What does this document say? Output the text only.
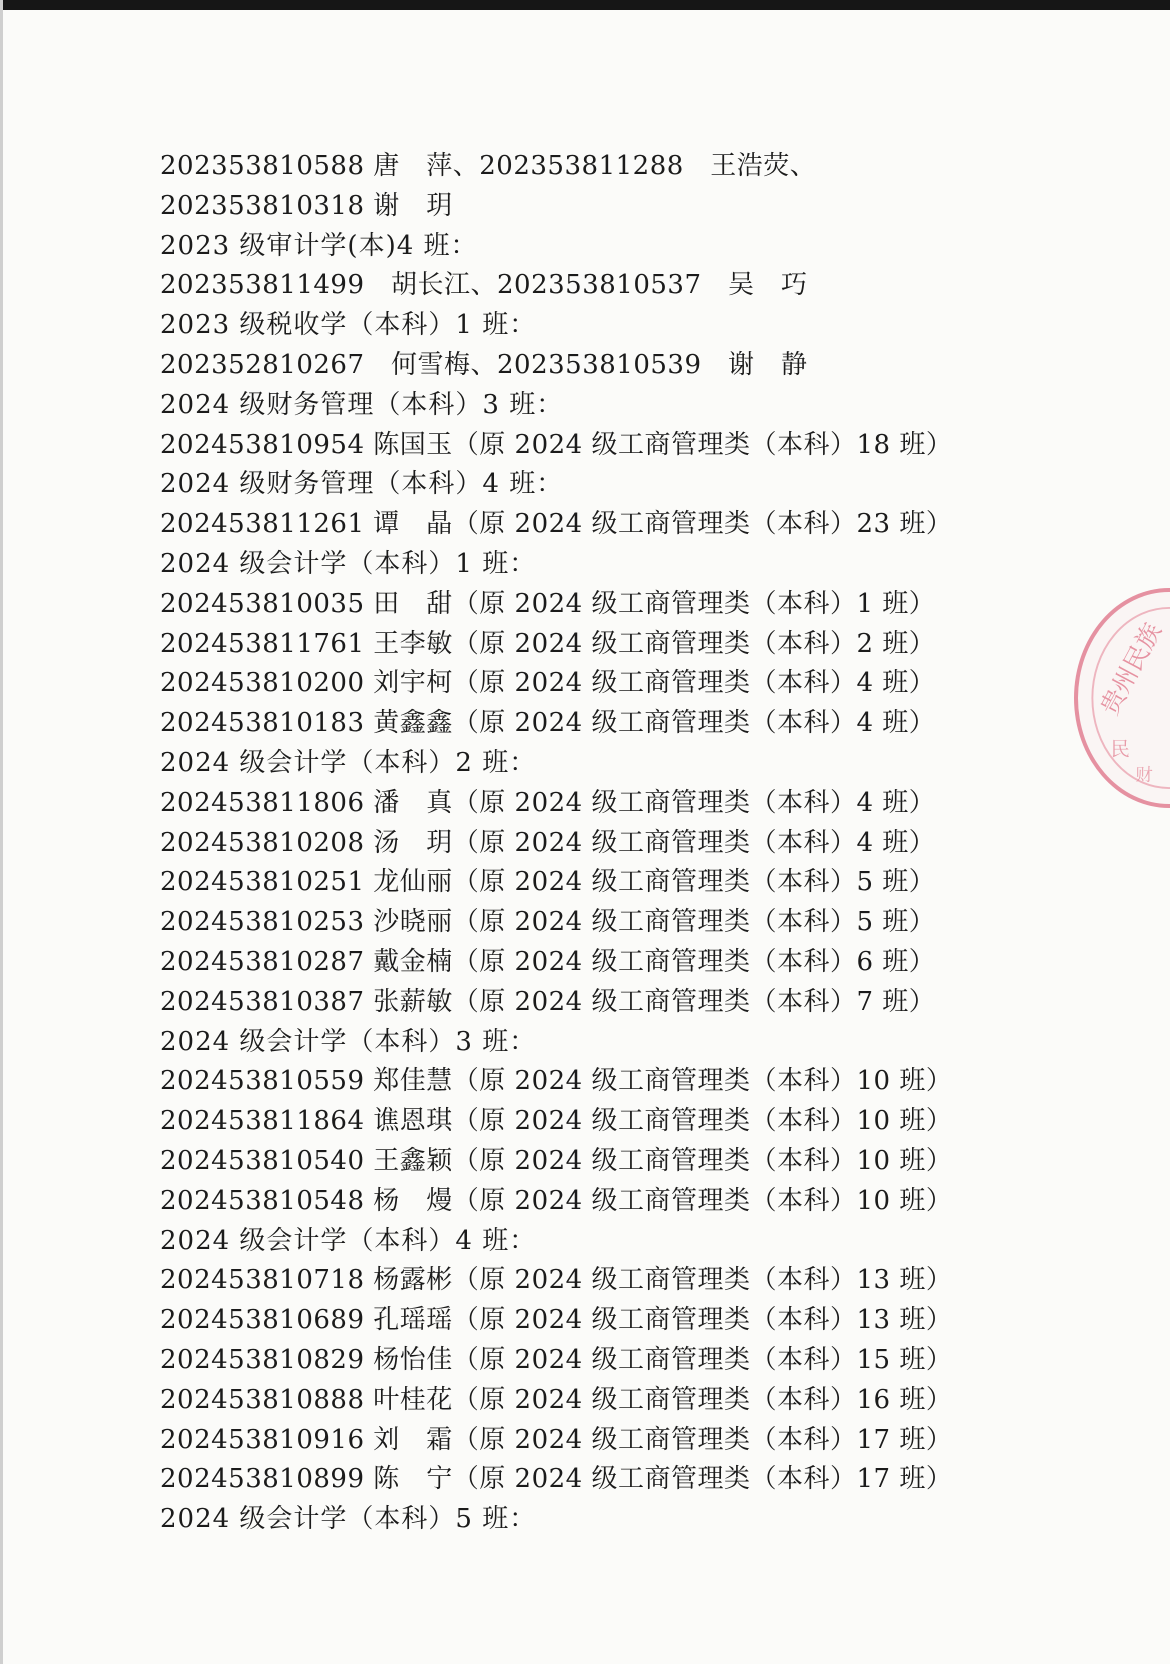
202353810588 唐　萍、202353811288　王浩荧、
202353810318 谢　玥
2023 级审计学(本)4 班：
202353811499　胡长江、202353810537　吴　巧
2023 级税收学（本科）1 班：
202352810267　何雪梅、202353810539　谢　静
2024 级财务管理（本科）3 班：
202453810954 陈国玉（原 2024 级工商管理类（本科）18 班）
2024 级财务管理（本科）4 班：
202453811261 谭　晶（原 2024 级工商管理类（本科）23 班）
2024 级会计学（本科）1 班：
202453810035 田　甜（原 2024 级工商管理类（本科）1 班）
202453811761 王李敏（原 2024 级工商管理类（本科）2 班）
202453810200 刘宇柯（原 2024 级工商管理类（本科）4 班）
202453810183 黄鑫鑫（原 2024 级工商管理类（本科）4 班）
2024 级会计学（本科）2 班：
202453811806 潘　真（原 2024 级工商管理类（本科）4 班）
202453810208 汤　玥（原 2024 级工商管理类（本科）4 班）
202453810251 龙仙丽（原 2024 级工商管理类（本科）5 班）
202453810253 沙晓丽（原 2024 级工商管理类（本科）5 班）
202453810287 戴金楠（原 2024 级工商管理类（本科）6 班）
202453810387 张薪敏（原 2024 级工商管理类（本科）7 班）
2024 级会计学（本科）3 班：
202453810559 郑佳慧（原 2024 级工商管理类（本科）10 班）
202453811864 谯恩琪（原 2024 级工商管理类（本科）10 班）
202453810540 王鑫颖（原 2024 级工商管理类（本科）10 班）
202453810548 杨　熳（原 2024 级工商管理类（本科）10 班）
2024 级会计学（本科）4 班：
202453810718 杨露彬（原 2024 级工商管理类（本科）13 班）
202453810689 孔瑶瑶（原 2024 级工商管理类（本科）13 班）
202453810829 杨怡佳（原 2024 级工商管理类（本科）15 班）
202453810888 叶桂花（原 2024 级工商管理类（本科）16 班）
202453810916 刘　霜（原 2024 级工商管理类（本科）17 班）
202453810899 陈　宁（原 2024 级工商管理类（本科）17 班）
2024 级会计学（本科）5 班：
贵州民族
民
财
